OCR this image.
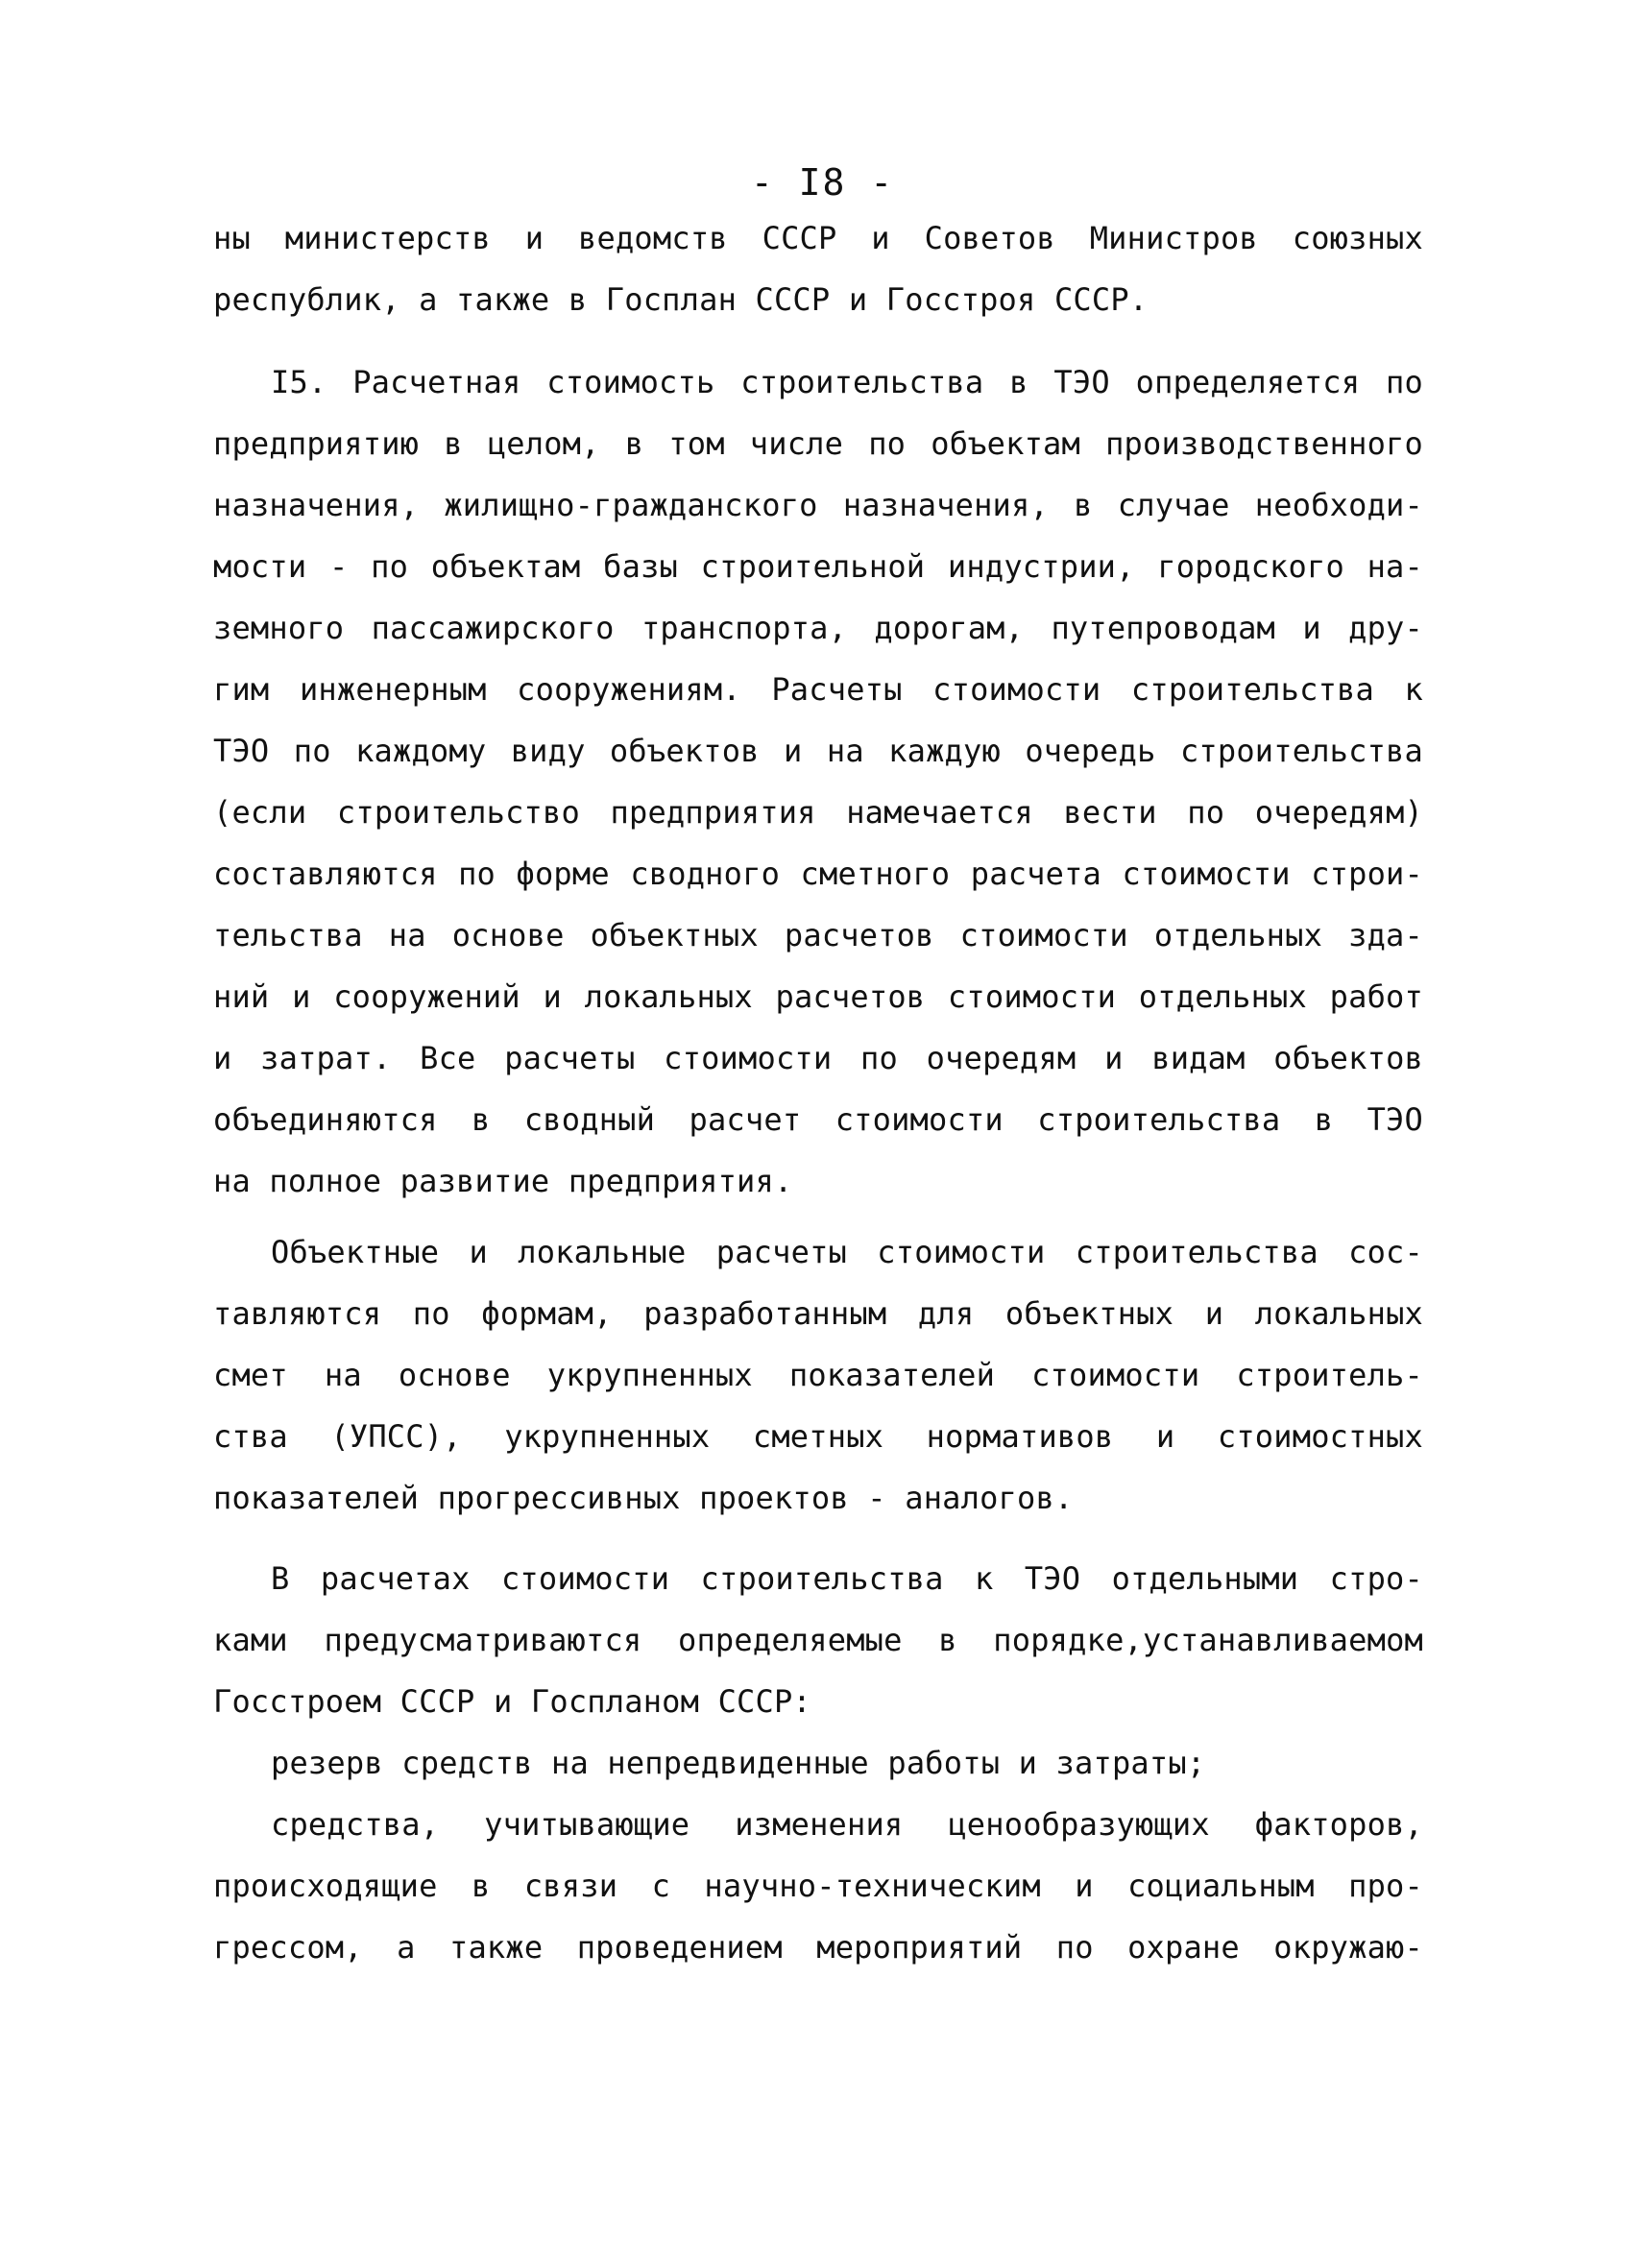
- I8 -
ны министерств и ведомств СССР и Советов Министров союзных
республик, а также в Госплан СССР и Госстроя СССР.
I5. Расчетная стоимость строительства в ТЭО определяется по
предприятию в целом, в том числе по объектам производственного
назначения, жилищно-гражданского назначения, в случае необходи-
мости - по объектам базы строительной индустрии, городского на-
земного пассажирского транспорта, дорогам, путепроводам и дру-
гим инженерным сооружениям. Расчеты стоимости строительства к
ТЭО по каждому виду объектов и на каждую очередь строительства
(если строительство предприятия намечается вести по очередям)
составляются по форме сводного сметного расчета стоимости строи-
тельства на основе объектных расчетов стоимости отдельных зда-
ний и сооружений и локальных расчетов стоимости отдельных работ
и затрат. Все расчеты стоимости по очередям и видам объектов
объединяются в сводный расчет стоимости строительства в ТЭО
на полное развитие предприятия.
Объектные и локальные расчеты стоимости строительства сос-
тавляются по формам, разработанным для объектных и локальных
смет на основе укрупненных показателей стоимости строитель-
ства (УПСС), укрупненных сметных нормативов и стоимостных
показателей прогрессивных проектов - аналогов.
В расчетах стоимости строительства к ТЭО отдельными стро-
ками предусматриваются определяемые в порядке,устанавливаемом
Госстроем СССР и Госпланом СССР:
резерв средств на непредвиденные работы и затраты;
средства, учитывающие изменения ценообразующих факторов,
происходящие в связи с научно-техническим и социальным про-
грессом, а также проведением мероприятий по охране окружаю-
